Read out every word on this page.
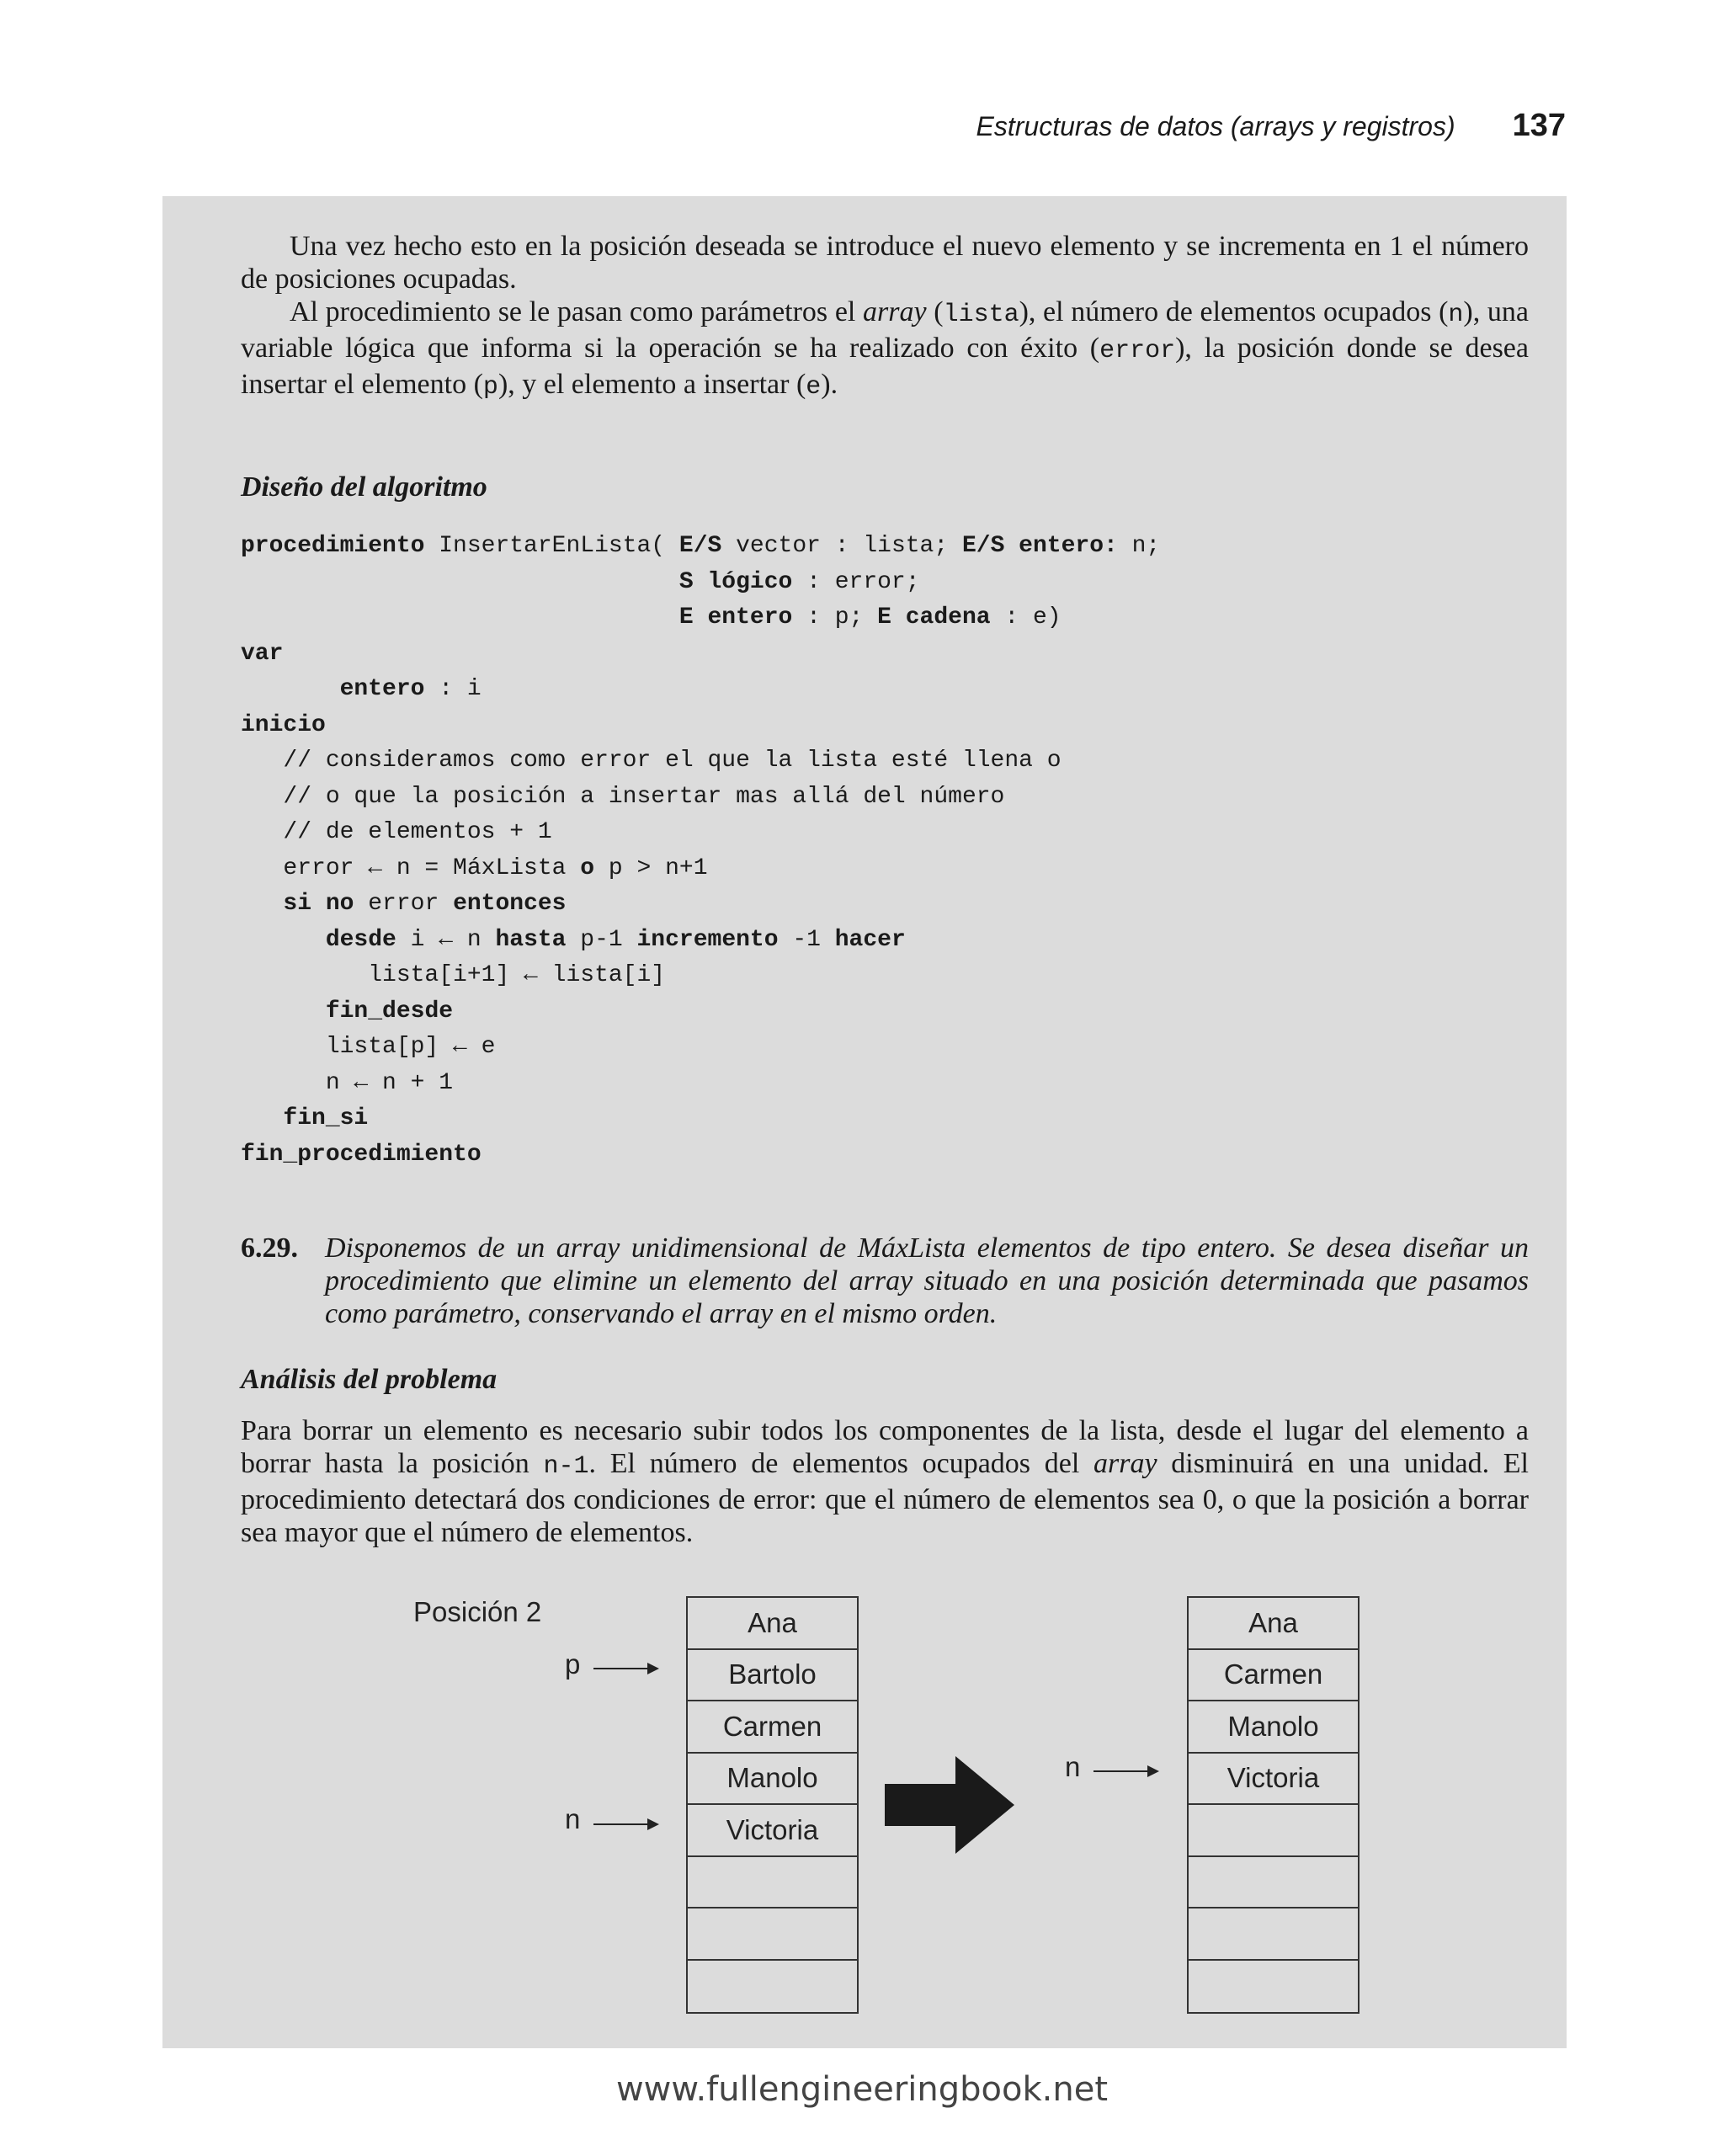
Estructuras de datos (arrays y registros) 137

Una vez hecho esto en la posición deseada se introduce el nuevo elemento y se incrementa en 1 el número de posiciones ocupadas.

Al procedimiento se le pasan como parámetros el array (lista), el número de elementos ocupados (n), una variable lógica que informa si la operación se ha realizado con éxito (error), la posición donde se desea insertar el elemento (p), y el elemento a insertar (e).

Diseño del algoritmo

procedimiento InsertarEnLista( E/S vector : lista; E/S entero: n;
S lógico : error;
E entero : p; E cadena : e)
var
entero : i
inicio
// consideramos como error el que la lista esté llena o
// o que la posición a insertar mas allá del número
// de elementos + 1
error ← n = MáxLista o p > n+1
si no error entonces
desde i ← n hasta p-1 incremento -1 hacer
lista[i+1] ← lista[i]
fin_desde
lista[p] ← e
n ← n + 1
fin_si
fin_procedimiento
6.29. Disponemos de un array unidimensional de MáxLista elementos de tipo entero. Se desea diseñar un procedimiento que elimine un elemento del array situado en una posición determinada que pasamos como parámetro, conservando el array en el mismo orden.

Análisis del problema

Para borrar un elemento es necesario subir todos los componentes de la lista, desde el lugar del elemento a borrar hasta la posición n-1. El número de elementos ocupados del array disminuirá en una unidad. El procedimiento detectará dos condiciones de error: que el número de elementos sea 0, o que la posición a borrar sea mayor que el número de elementos.

Posición 2
p
n
Ana
Bartolo
Carmen
Manolo
Victoria
n
Ana
Carmen
Manolo
Victoria
www.fullengineeringbook.net
